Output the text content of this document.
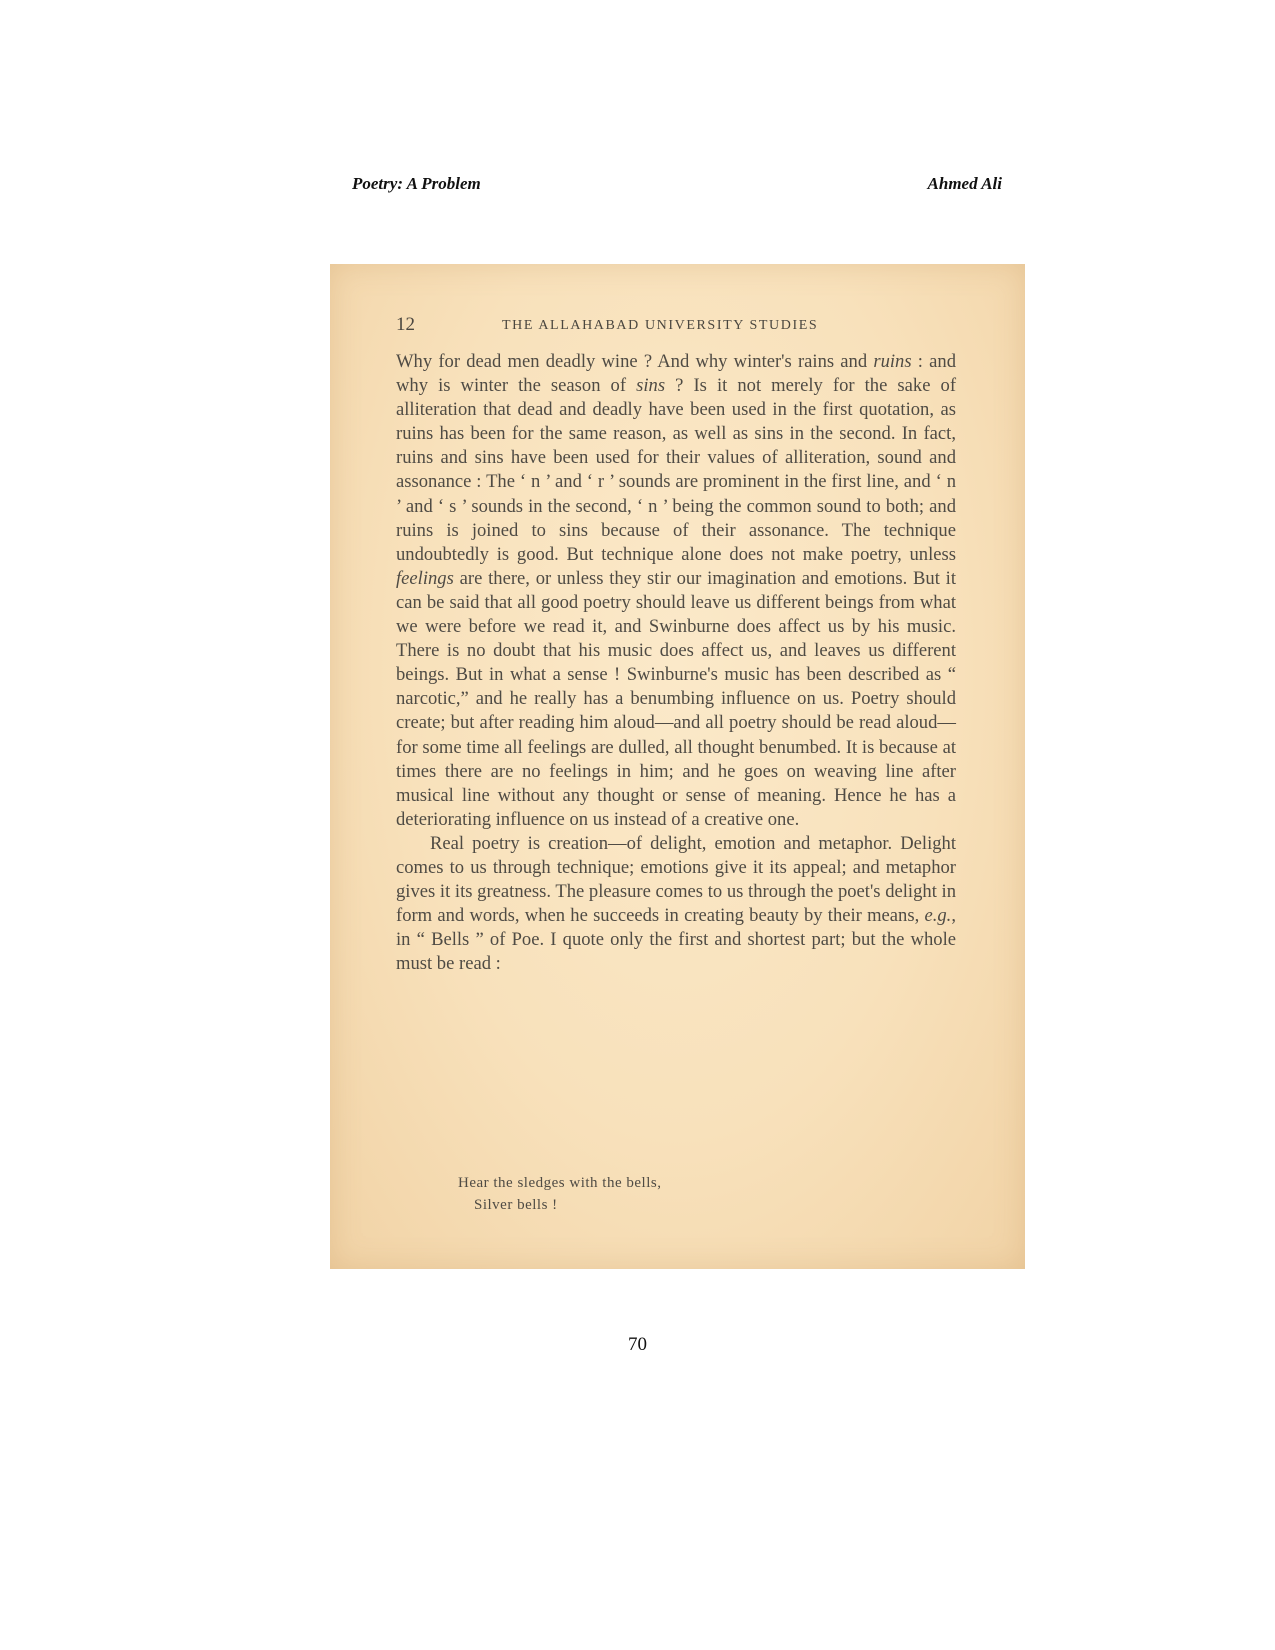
Poetry: A Problem	Ahmed Ali
12	THE ALLAHABAD UNIVERSITY STUDIES

Why for dead men deadly wine ? And why winter's rains and ruins : and why is winter the season of sins ? Is it not merely for the sake of alliteration that dead and deadly have been used in the first quotation, as ruins has been for the same reason, as well as sins in the second. In fact, ruins and sins have been used for their values of alliteration, sound and assonance : The ‘ n ’ and ‘ r ’ sounds are prominent in the first line, and ‘ n ’ and ‘ s ’ sounds in the second, ‘ n ’ being the common sound to both; and ruins is joined to sins because of their assonance. The technique undoubtedly is good. But technique alone does not make poetry, unless feelings are there, or unless they stir our imagination and emotions. But it can be said that all good poetry should leave us different beings from what we were before we read it, and Swinburne does affect us by his music. There is no doubt that his music does affect us, and leaves us different beings. But in what a sense ! Swinburne's music has been described as “ narcotic,” and he really has a benumbing influence on us. Poetry should create; but after reading him aloud—and all poetry should be read aloud—for some time all feelings are dulled, all thought benumbed. It is because at times there are no feelings in him; and he goes on weaving line after musical line without any thought or sense of meaning. Hence he has a deteriorating influence on us instead of a creative one.

Real poetry is creation—of delight, emotion and metaphor. Delight comes to us through technique; emotions give it its appeal; and metaphor gives it its greatness. The pleasure comes to us through the poet's delight in form and words, when he succeeds in creating beauty by their means, e.g., in “ Bells ” of Poe. I quote only the first and shortest part; but the whole must be read :

Hear the sledges with the bells,
Silver bells !
70
